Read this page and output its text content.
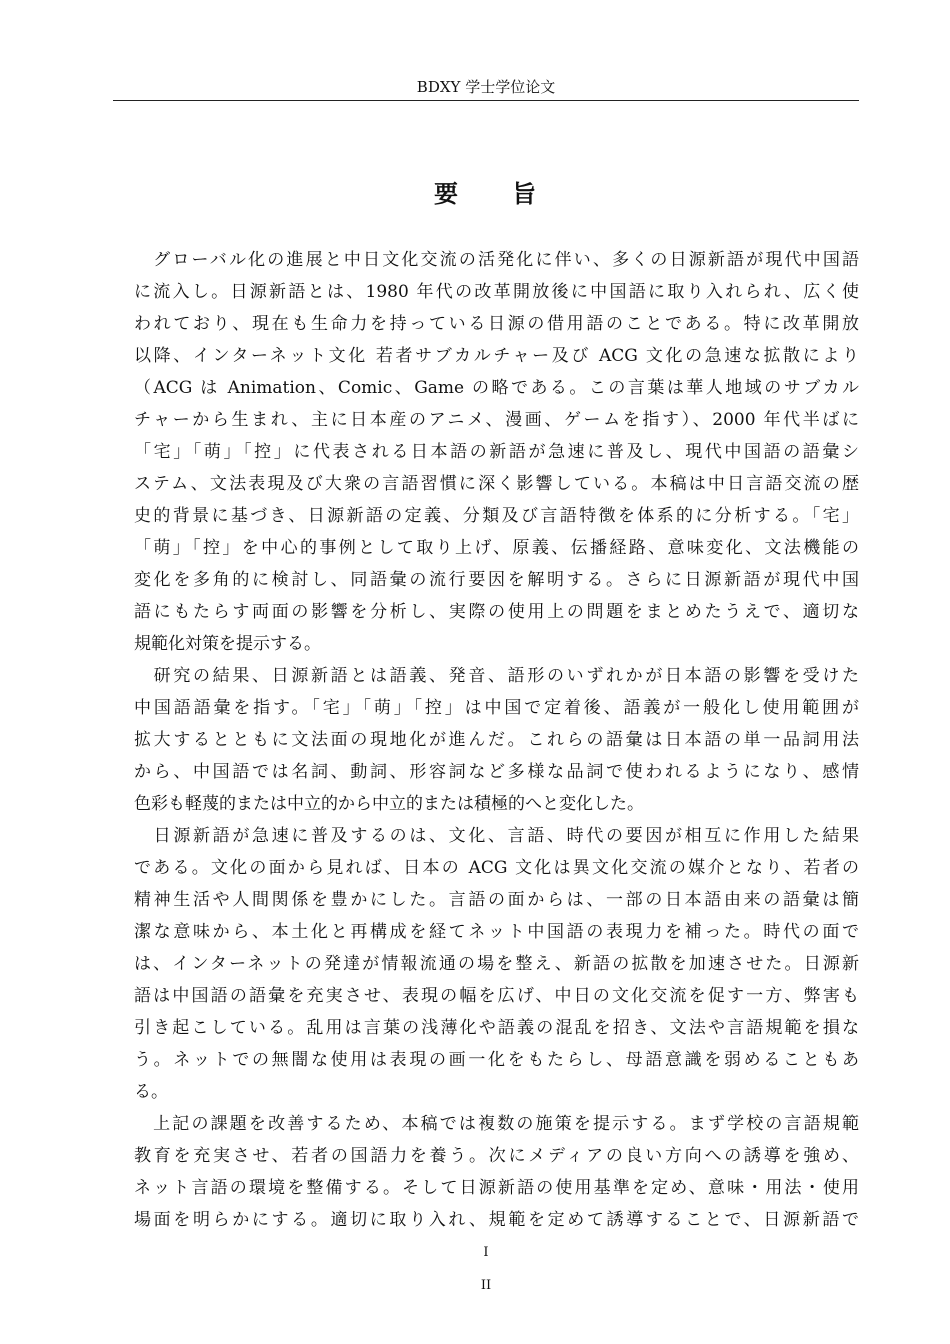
BDXY 学士学位论文
要 旨
　グローバル化の進展と中日文化交流の活発化に伴い、多くの日源新語が現代中国語
に流入し。日源新語とは、1980 年代の改革開放後に中国語に取り入れられ、広く使
われており、現在も生命力を持っている日源の借用語のことである。特に改革開放
以降、インターネット文化 若者サブカルチャー及び ACG 文化の急速な拡散により
（ACG は Animation、Comic、Game の略である。この言葉は華人地域のサブカル
チャーから生まれ、主に日本産のアニメ、漫画、ゲームを指す）、2000 年代半ばに
「宅」「萌」「控」に代表される日本語の新語が急速に普及し、現代中国語の語彙シ
ステム、文法表現及び大衆の言語習慣に深く影響している。本稿は中日言語交流の歴
史的背景に基づき、日源新語の定義、分類及び言語特徴を体系的に分析する。「宅」
「萌」「控」を中心的事例として取り上げ、原義、伝播経路、意味変化、文法機能の
変化を多角的に検討し、同語彙の流行要因を解明する。さらに日源新語が現代中国
語にもたらす両面の影響を分析し、実際の使用上の問題をまとめたうえで、適切な
規範化対策を提示する。
　研究の結果、日源新語とは語義、発音、語形のいずれかが日本語の影響を受けた
中国語語彙を指す。「宅」「萌」「控」は中国で定着後、語義が一般化し使用範囲が
拡大するとともに文法面の現地化が進んだ。これらの語彙は日本語の単一品詞用法
から、中国語では名詞、動詞、形容詞など多様な品詞で使われるようになり、感情
色彩も軽蔑的または中立的から中立的または積極的へと変化した。
　日源新語が急速に普及するのは、文化、言語、時代の要因が相互に作用した結果
である。文化の面から見れば、日本の ACG 文化は異文化交流の媒介となり、若者の
精神生活や人間関係を豊かにした。言語の面からは、一部の日本語由来の語彙は簡
潔な意味から、本土化と再構成を経てネット中国語の表現力を補った。時代の面で
は、インターネットの発達が情報流通の場を整え、新語の拡散を加速させた。日源新
語は中国語の語彙を充実させ、表現の幅を広げ、中日の文化交流を促す一方、弊害も
引き起こしている。乱用は言葉の浅薄化や語義の混乱を招き、文法や言語規範を損な
う。ネットでの無闇な使用は表現の画一化をもたらし、母語意識を弱めることもあ
る。
　上記の課題を改善するため、本稿では複数の施策を提示する。まず学校の言語規範
教育を充実させ、若者の国語力を養う。次にメディアの良い方向への誘導を強め、
ネット言語の環境を整備する。そして日源新語の使用基準を定め、意味・用法・使用
場面を明らかにする。適切に取り入れ、規範を定めて誘導することで、日源新語で
I
II
